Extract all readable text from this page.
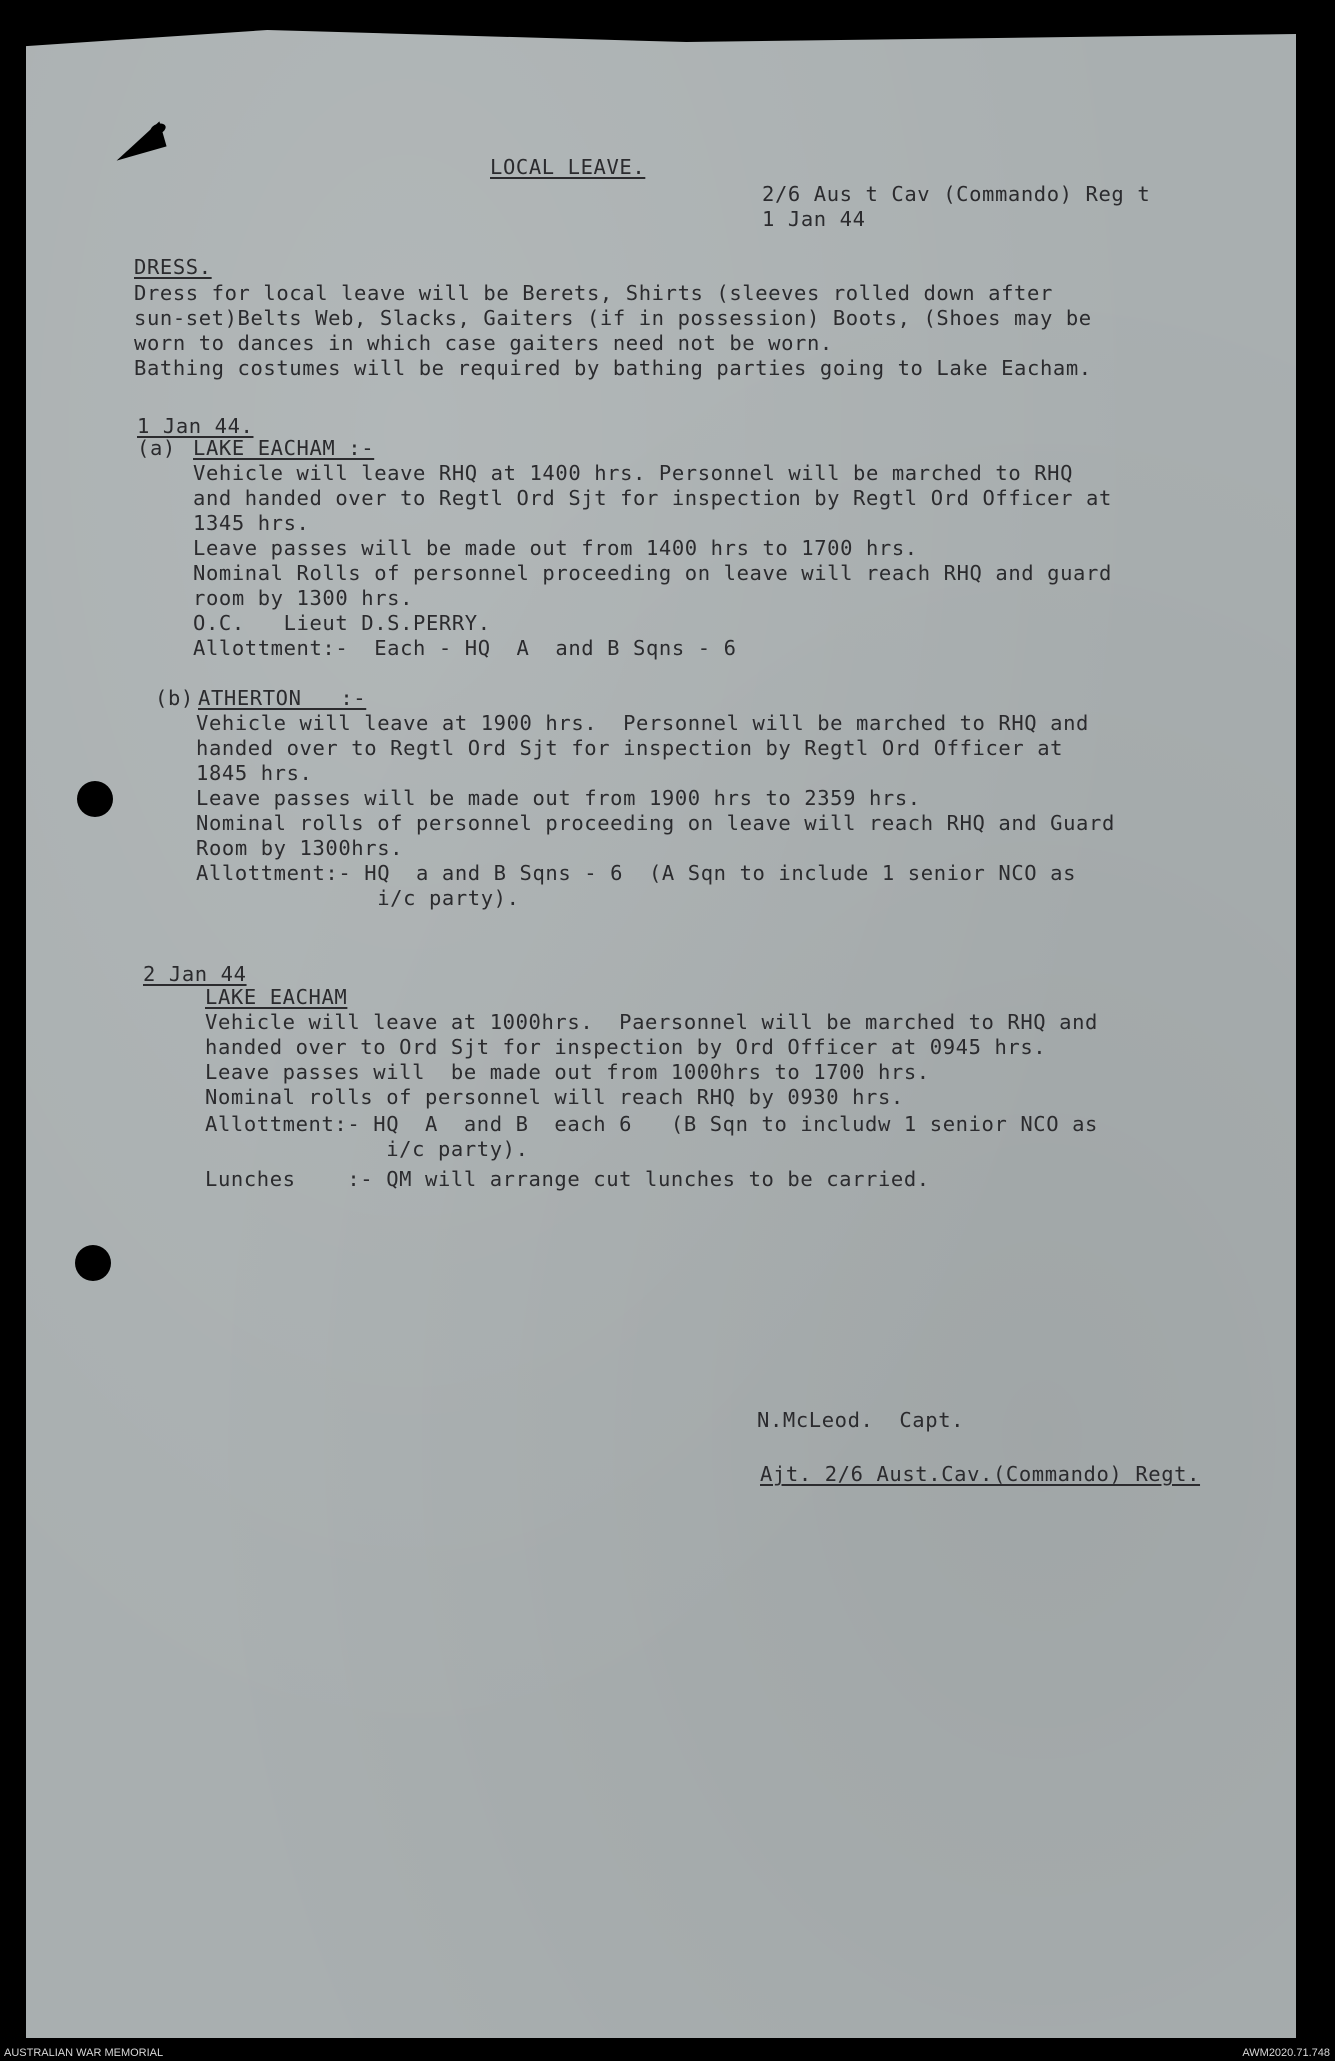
LOCAL LEAVE.

2/6 Aus t Cav (Commando) Reg t

1 Jan 44

DRESS.

Dress for local leave will be Berets, Shirts (sleeves rolled down after

sun-set)Belts Web, Slacks, Gaiters (if in possession) Boots, (Shoes may be

worn to dances in which case gaiters need not be worn.

Bathing costumes will be required by bathing parties going to Lake Eacham.

1 Jan 44.

(a)

LAKE EACHAM :-

Vehicle will leave RHQ at 1400 hrs. Personnel will be marched to RHQ

and handed over to Regtl Ord Sjt for inspection by Regtl Ord Officer at

1345 hrs.

Leave passes will be made out from 1400 hrs to 1700 hrs.

Nominal Rolls of personnel proceeding on leave will reach RHQ and guard

room by 1300 hrs.

O.C.   Lieut D.S.PERRY.

Allottment:-  Each - HQ  A  and B Sqns - 6

(b)

ATHERTON   :-

Vehicle will leave at 1900 hrs.  Personnel will be marched to RHQ and

handed over to Regtl Ord Sjt for inspection by Regtl Ord Officer at

1845 hrs.

Leave passes will be made out from 1900 hrs to 2359 hrs.

Nominal rolls of personnel proceeding on leave will reach RHQ and Guard

Room by 1300hrs.

Allottment:- HQ  a and B Sqns - 6  (A Sqn to include 1 senior NCO as

i/c party).

2 Jan 44

LAKE EACHAM

Vehicle will leave at 1000hrs.  Paersonnel will be marched to RHQ and

handed over to Ord Sjt for inspection by Ord Officer at 0945 hrs.

Leave passes will  be made out from 1000hrs to 1700 hrs.

Nominal rolls of personnel will reach RHQ by 0930 hrs.

Allottment:- HQ  A  and B  each 6   (B Sqn to includw 1 senior NCO as

i/c party).

Lunches    :- QM will arrange cut lunches to be carried.

N.McLeod.  Capt.

Ajt. 2/6 Aust.Cav.(Commando) Regt.

AUSTRALIAN WAR MEMORIAL	AWM2020.71.748
